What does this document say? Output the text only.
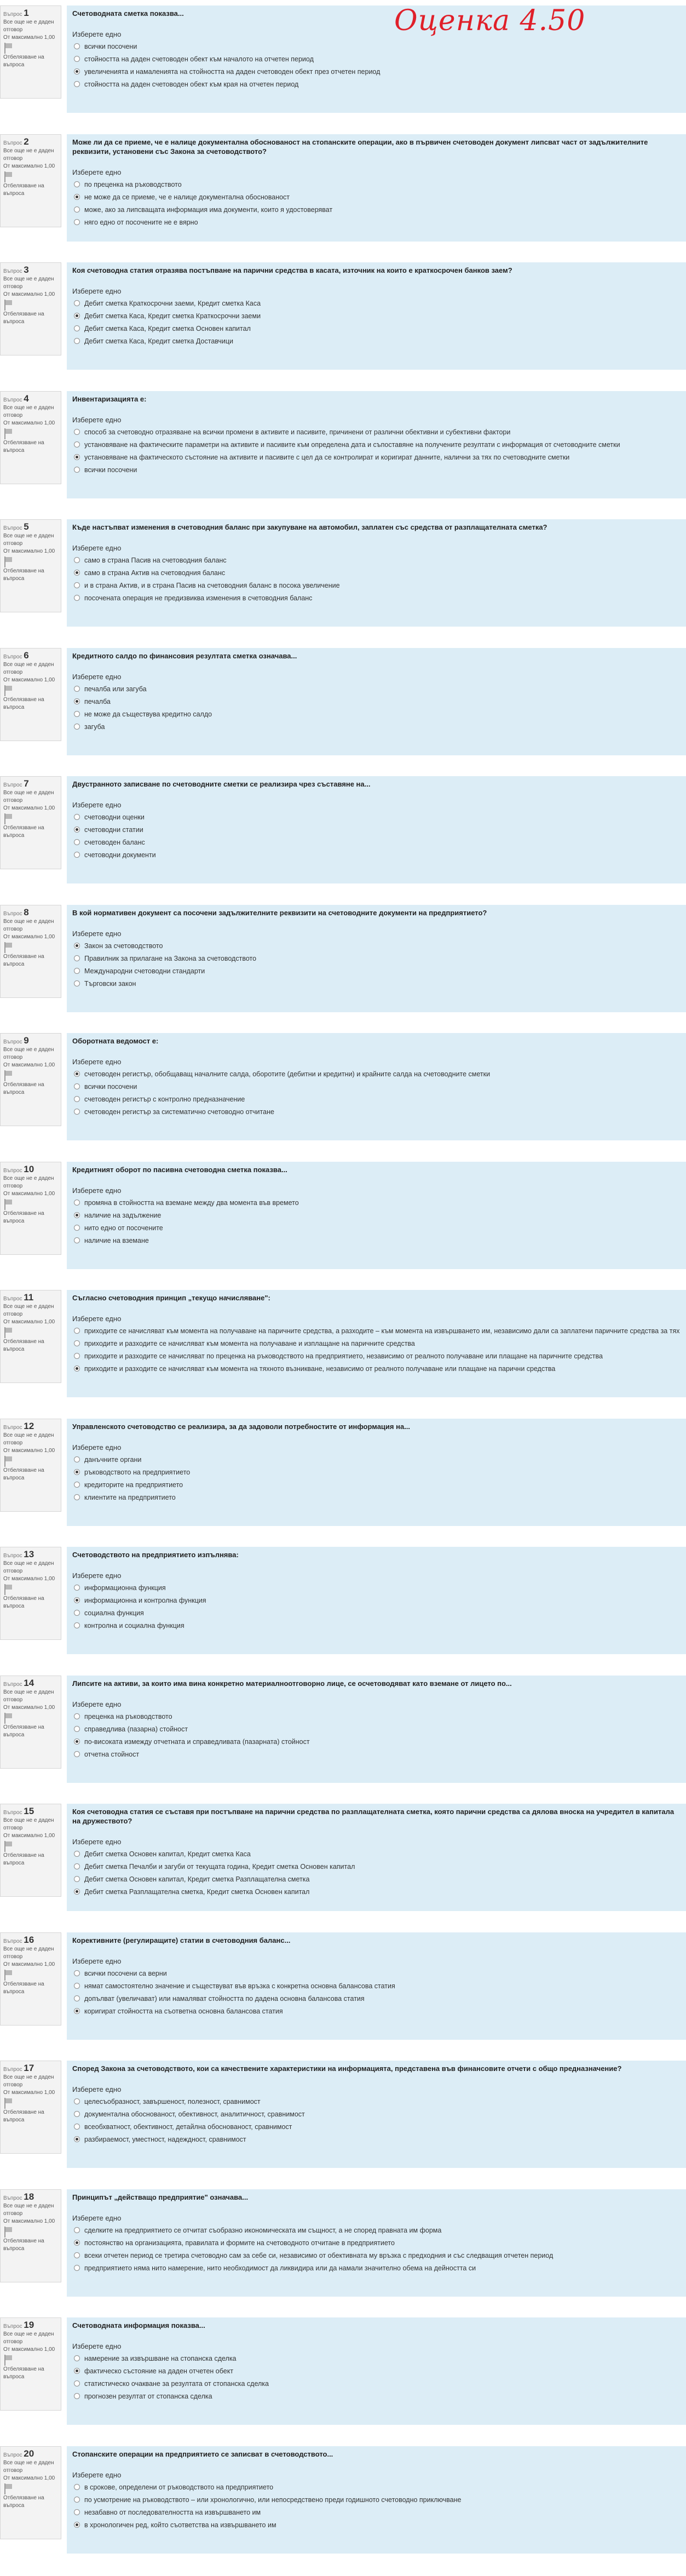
Оценка 4.50
Въпрос 1
Все още не е даден отговор
От максимално 1,00
Отбелязване на въпроса
Счетоводната сметка показва...
Изберете едно
всички посочени
стойността на даден счетоводен обект към началото на отчетен период
увеличенията и намаленията на стойността на даден счетоводен обект през отчетен период
стойността на даден счетоводен обект към края на отчетен период
Въпрос 2
Все още не е даден отговор
От максимално 1,00
Отбелязване на въпроса
Може ли да се приеме, че е налице документална обоснованост на стопанските операции, ако в първичен счетоводен документ липсват част от задължителните реквизити, установени със Закона за счетоводството?
Изберете едно
по преценка на ръководството
не може да се приеме, че е налице документална обоснованост
може, ако за липсващата информация има документи, които я удостоверяват
няго едно от посочените не е вярно
Въпрос 3
Все още не е даден отговор
От максимално 1,00
Отбелязване на въпроса
Коя счетоводна статия отразява постъпване на парични средства в касата, източник на които е краткосрочен банков заем?
Изберете едно
Дебит сметка Краткосрочни заеми, Кредит сметка Каса
Дебит сметка Каса, Кредит сметка Краткосрочни заеми
Дебит сметка Каса, Кредит сметка Основен капитал
Дебит сметка Каса, Кредит сметка Доставчици
Въпрос 4
Все още не е даден отговор
От максимално 1,00
Отбелязване на въпроса
Инвентаризацията е:
Изберете едно
способ за счетоводно отразяване на всички промени в активите и пасивите, причинени от различни обективни и субективни фактори
установяване на фактическите параметри на активите и пасивите към определена дата и съпоставяне на получените резултати с информация от счетоводните сметки
установяване на фактическото състояние на активите и пасивите с цел да се контролират и коригират данните, налични за тях по счетоводните сметки
всички посочени
Въпрос 5
Все още не е даден отговор
От максимално 1,00
Отбелязване на въпроса
Къде настъпват изменения в счетоводния баланс при закупуване на автомобил, заплатен със средства от разплащателната сметка?
Изберете едно
само в страна Пасив на счетоводния баланс
само в страна Актив на счетоводния баланс
и в страна Актив, и в страна Пасив на счетоводния баланс в посока увеличение
посочената операция не предизвиква изменения в счетоводния баланс
Въпрос 6
Все още не е даден отговор
От максимално 1,00
Отбелязване на въпроса
Кредитното салдо по финансовия резултата сметка означава...
Изберете едно
печалба или загуба
печалба
не може да съществува кредитно салдо
загуба
Въпрос 7
Все още не е даден отговор
От максимално 1,00
Отбелязване на въпроса
Двустранното записване по счетоводните сметки се реализира чрез съставяне на...
Изберете едно
счетоводни оценки
счетоводни статии
счетоводен баланс
счетоводни документи
Въпрос 8
Все още не е даден отговор
От максимално 1,00
Отбелязване на въпроса
В кой нормативен документ са посочени задължителните реквизити на счетоводните документи на предприятието?
Изберете едно
Закон за счетоводството
Правилник за прилагане на Закона за счетоводството
Международни счетоводни стандарти
Търговски закон
Въпрос 9
Все още не е даден отговор
От максимално 1,00
Отбелязване на въпроса
Оборотната ведомост е:
Изберете едно
счетоводен регистър, обобщаващ началните салда, оборотите (дебитни и кредитни) и крайните салда на счетоводните сметки
всички посочени
счетоводен регистър с контролно предназначение
счетоводен регистър за систематично счетоводно отчитане
Въпрос 10
Все още не е даден отговор
От максимално 1,00
Отбелязване на въпроса
Кредитният оборот по пасивна счетоводна сметка показва...
Изберете едно
промяна в стойността на вземане между два момента във времето
наличие на задължение
нито едно от посочените
наличие на вземане
Въпрос 11
Все още не е даден отговор
От максимално 1,00
Отбелязване на въпроса
Съгласно счетоводния принцип „текущо начисляване":
Изберете едно
приходите се начисляват към момента на получаване на паричните средства, а разходите – към момента на извършването им, независимо дали са заплатени паричните средства за тях
приходите и разходите се начисляват към момента на получаване и изплащане на паричните средства
приходите и разходите се начисляват по преценка на ръководството на предприятието, независимо от реалното получаване или плащане на паричните средства
приходите и разходите се начисляват към момента на тяхното възникване, независимо от реалното получаване или плащане на парични средства
Въпрос 12
Все още не е даден отговор
От максимално 1,00
Отбелязване на въпроса
Управленското счетоводство се реализира, за да задоволи потребностите от информация на...
Изберете едно
данъчните органи
ръководството на предприятието
кредиторите на предприятието
клиентите на предприятието
Въпрос 13
Все още не е даден отговор
От максимално 1,00
Отбелязване на въпроса
Счетоводството на предприятието изпълнява:
Изберете едно
информационна функция
информационна и контролна функция
социална функция
контролна и социална функция
Въпрос 14
Все още не е даден отговор
От максимално 1,00
Отбелязване на въпроса
Липсите на активи, за които има вина конкретно материалноотговорно лице, се осчетоводяват като вземане от лицето по...
Изберете едно
преценка на ръководството
справедлива (пазарна) стойност
по-високата измежду отчетната и справедливата (пазарната) стойност
отчетна стойност
Въпрос 15
Все още не е даден отговор
От максимално 1,00
Отбелязване на въпроса
Коя счетоводна статия се съставя при постъпване на парични средства по разплащателната сметка, която парични средства са дялова вноска на учредител в капитала на дружеството?
Изберете едно
Дебит сметка Основен капитал, Кредит сметка Каса
Дебит сметка Печалби и загуби от текущата година, Кредит сметка Основен капитал
Дебит сметка Основен капитал, Кредит сметка Разплащателна сметка
Дебит сметка Разплащателна сметка, Кредит сметка Основен капитал
Въпрос 16
Все още не е даден отговор
От максимално 1,00
Отбелязване на въпроса
Корективните (регулиращите) статии в счетоводния баланс...
Изберете едно
всички посочени са верни
нямат самостоятелно значение и съществуват във връзка с конкретна основна балансова статия
допълват (увеличават) или намаляват стойността по дадена основна балансова статия
коригират стойността на съответна основна балансова статия
Въпрос 17
Все още не е даден отговор
От максимално 1,00
Отбелязване на въпроса
Според Закона за счетоводството, кои са качествените характеристики на информацията, представена във финансовите отчети с общо предназначение?
Изберете едно
целесъобразност, завършеност, полезност, сравнимост
документална обоснованост, обективност, аналитичност, сравнимост
всеобхватност, обективност, детайлна обоснованост, сравнимост
разбираемост, уместност, надеждност, сравнимост
Въпрос 18
Все още не е даден отговор
От максимално 1,00
Отбелязване на въпроса
Принципът „действащо предприятие" означава...
Изберете едно
сделките на предприятието се отчитат съобразно икономическата им същност, а не според правната им форма
постоянство на организацията, правилата и формите на счетоводното отчитане в предприятието
всеки отчетен период се третира счетоводно сам за себе си, независимо от обективната му връзка с предходния и със следващия отчетен период
предприятието няма нито намерение, нито необходимост да ликвидира или да намали значително обема на дейността си
Въпрос 19
Все още не е даден отговор
От максимално 1,00
Отбелязване на въпроса
Счетоводната информация показва...
Изберете едно
намерение за извършване на стопанска сделка
фактическо състояние на даден отчетен обект
статистическо очакване за резултата от стопанска сделка
прогнозен резултат от стопанска сделка
Въпрос 20
Все още не е даден отговор
От максимално 1,00
Отбелязване на въпроса
Стопанските операции на предприятието се записват в счетоводството...
Изберете едно
в срокове, определени от ръководството на предприятието
по усмотрение на ръководството – или хронологично, или непосредствено преди годишното счетоводно приключване
незабавно от последователността на извършването им
в хронологичен ред, който съответства на извършването им
